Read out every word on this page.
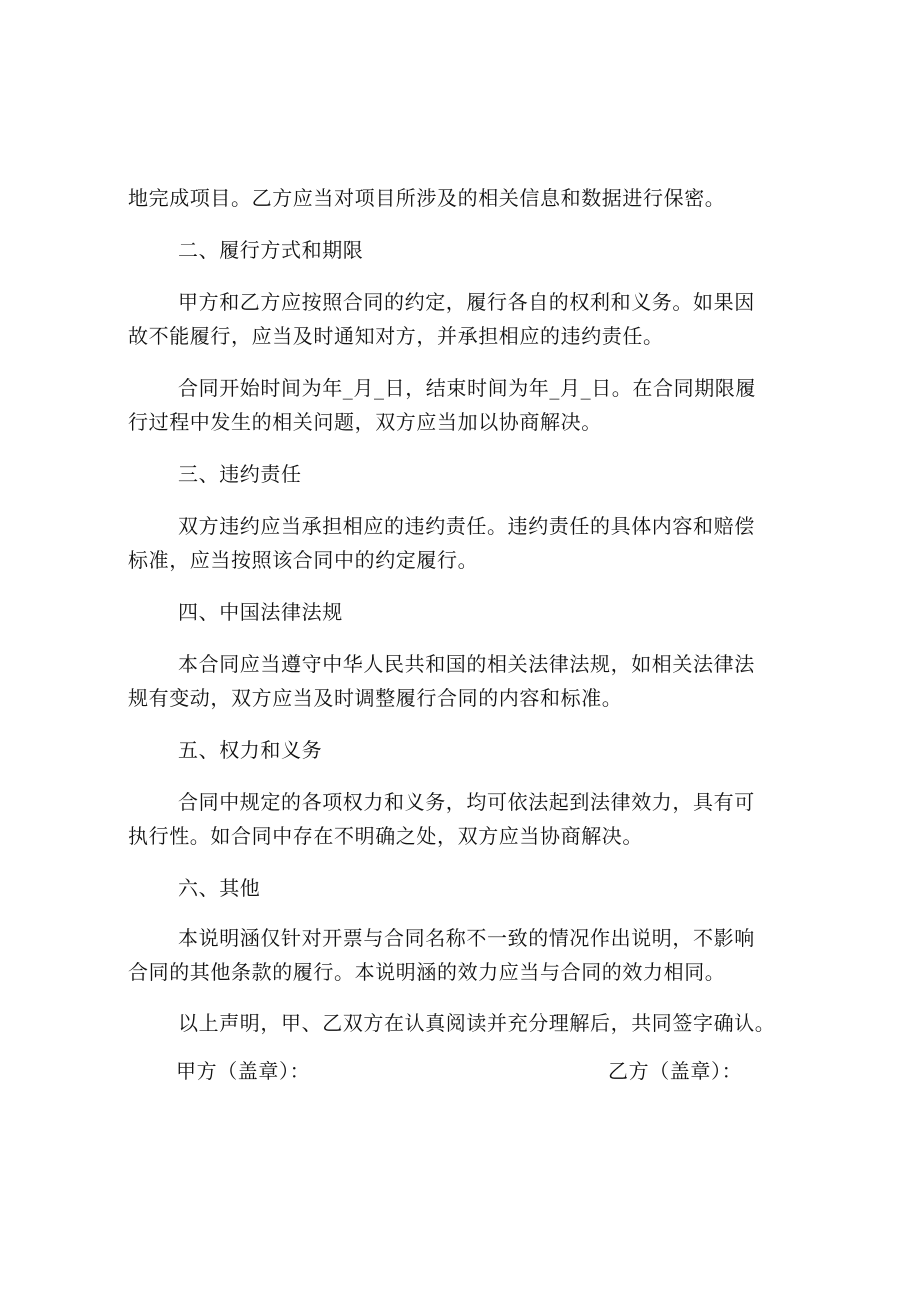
地完成项目。乙方应当对项目所涉及的相关信息和数据进行保密。
二、履行方式和期限
甲方和乙方应按照合同的约定，履行各自的权利和义务。如果因
故不能履行，应当及时通知对方，并承担相应的违约责任。
合同开始时间为年_月_日，结束时间为年_月_日。在合同期限履
行过程中发生的相关问题，双方应当加以协商解决。
三、违约责任
双方违约应当承担相应的违约责任。违约责任的具体内容和赔偿
标准，应当按照该合同中的约定履行。
四、中国法律法规
本合同应当遵守中华人民共和国的相关法律法规，如相关法律法
规有变动，双方应当及时调整履行合同的内容和标准。
五、权力和义务
合同中规定的各项权力和义务，均可依法起到法律效力，具有可
执行性。如合同中存在不明确之处，双方应当协商解决。
六、其他
本说明涵仅针对开票与合同名称不一致的情况作出说明，不影响
合同的其他条款的履行。本说明涵的效力应当与合同的效力相同。
以上声明，甲、乙双方在认真阅读并充分理解后，共同签字确认。
甲方（盖章）：	乙方（盖章）：
